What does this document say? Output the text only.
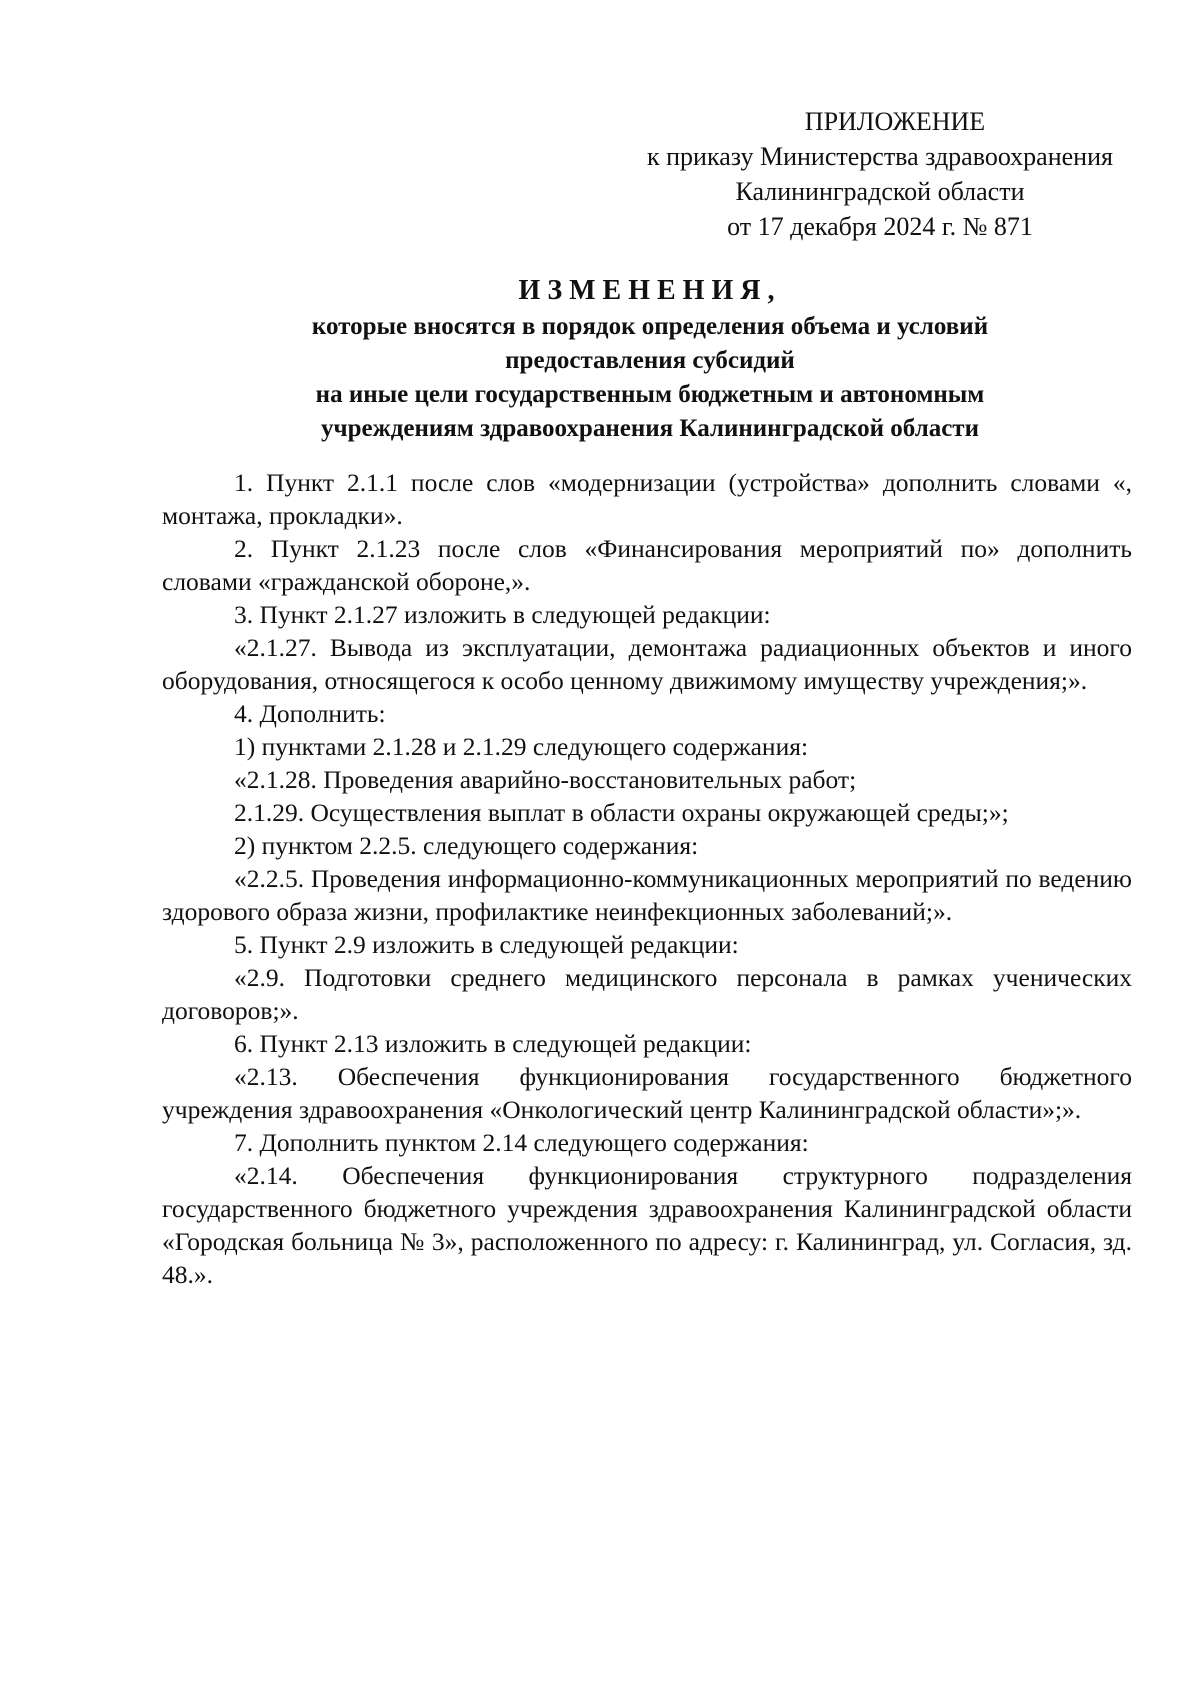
ПРИЛОЖЕНИЕ
к приказу Министерства здравоохранения
Калининградской области
от 17 декабря 2024 г. № 871
ИЗМЕНЕНИЯ,
которые вносятся в порядок определения объема и условий
предоставления субсидий
на иные цели государственным бюджетным и автономным
учреждениям здравоохранения Калининградской области

1. Пункт 2.1.1 после слов «модернизации (устройства» дополнить словами «, монтажа, прокладки».

2. Пункт 2.1.23 после слов «Финансирования мероприятий по» дополнить словами «гражданской обороне,».

3. Пункт 2.1.27 изложить в следующей редакции:

«2.1.27. Вывода из эксплуатации, демонтажа радиационных объектов и иного оборудования, относящегося к особо ценному движимому имуществу учреждения;».

4. Дополнить:

1) пунктами 2.1.28 и 2.1.29 следующего содержания:

«2.1.28. Проведения аварийно-восстановительных работ;

2.1.29. Осуществления выплат в области охраны окружающей среды;»;

2) пунктом 2.2.5. следующего содержания:

«2.2.5. Проведения информационно-коммуникационных мероприятий по ведению здорового образа жизни, профилактике неинфекционных заболеваний;».

5. Пункт 2.9 изложить в следующей редакции:

«2.9. Подготовки среднего медицинского персонала в рамках ученических договоров;».

6. Пункт 2.13 изложить в следующей редакции:

«2.13. Обеспечения функционирования государственного бюджетного учреждения здравоохранения «Онкологический центр Калининградской области»;».

7. Дополнить пунктом 2.14 следующего содержания:

«2.14. Обеспечения функционирования структурного подразделения государственного бюджетного учреждения здравоохранения Калининградской области «Городская больница № 3», расположенного по адресу: г. Калининград, ул. Согласия, зд. 48.».
